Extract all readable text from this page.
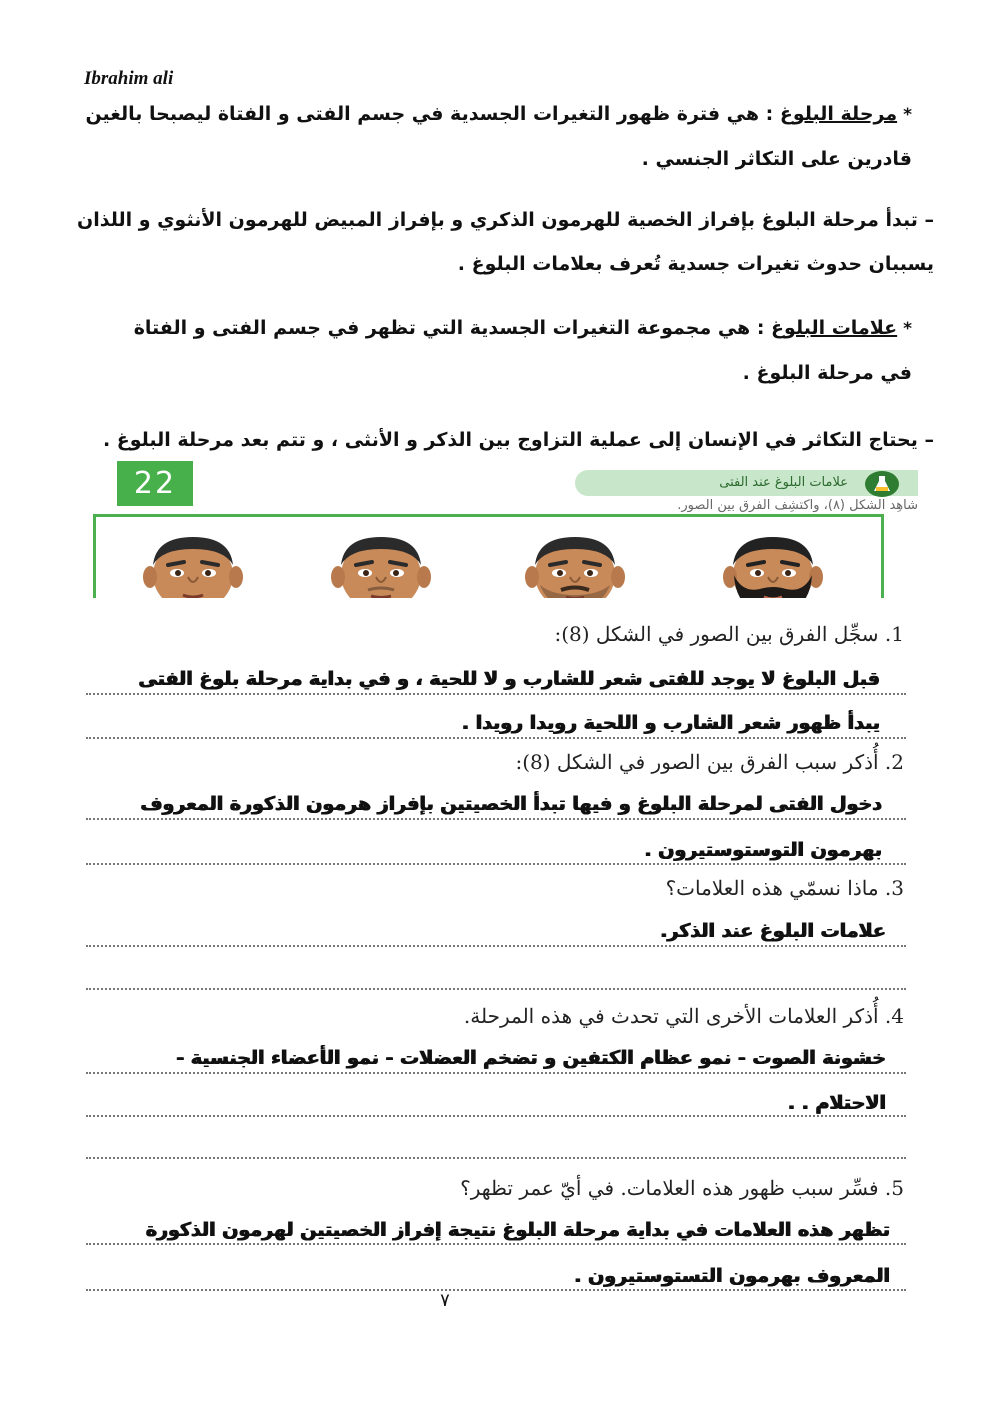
Ibrahim ali
*مرحلة البلوغ : هي فترة ظهور التغيرات الجسدية في جسم الفتى و الفتاة ليصبحا بالغين قادرين على التكاثر الجنسي .
– تبدأ مرحلة البلوغ بإفراز الخصية للهرمون الذكري و بإفراز المبيض للهرمون الأنثوي و اللذان يسببان حدوث تغيرات جسدية تُعرف بعلامات البلوغ .
*علامات البلوغ : هي مجموعة التغيرات الجسدية التي تظهر في جسم الفتى و الفتاة في مرحلة البلوغ .
– يحتاج التكاثر في الإنسان إلى عملية التزاوج بين الذكر و الأنثى ، و تتم بعد مرحلة البلوغ .
22	علامات البلوغ عند الفتى
شاهِد الشكل (٨)، واكتشِف الفرق بين الصور.
1. سجِّل الفرق بين الصور في الشكل (8):
قبل البلوغ لا يوجد للفتى شعر للشارب و لا للحية ، و في بداية مرحلة بلوغ الفتى
يبدأ ظهور شعر الشارب و اللحية رويدا رويدا .
2. أُذكر سبب الفرق بين الصور في الشكل (8):
دخول الفتى لمرحلة البلوغ و فيها تبدأ الخصيتين بإفراز هرمون الذكورة المعروف
بهرمون التوستوستيرون .
3. ماذا نسمّي هذه العلامات؟
علامات البلوغ عند الذكر.
4. أُذكر العلامات الأخرى التي تحدث في هذه المرحلة.
خشونة الصوت - نمو عظام الكتفين و تضخم العضلات - نمو الأعضاء الجنسية -
الاحتلام . .
5. فسِّر سبب ظهور هذه العلامات. في أيّ عمر تظهر؟
تظهر هذه العلامات في بداية مرحلة البلوغ نتيجة إفراز الخصيتين لهرمون الذكورة
المعروف بهرمون التستوستيرون .
٧
